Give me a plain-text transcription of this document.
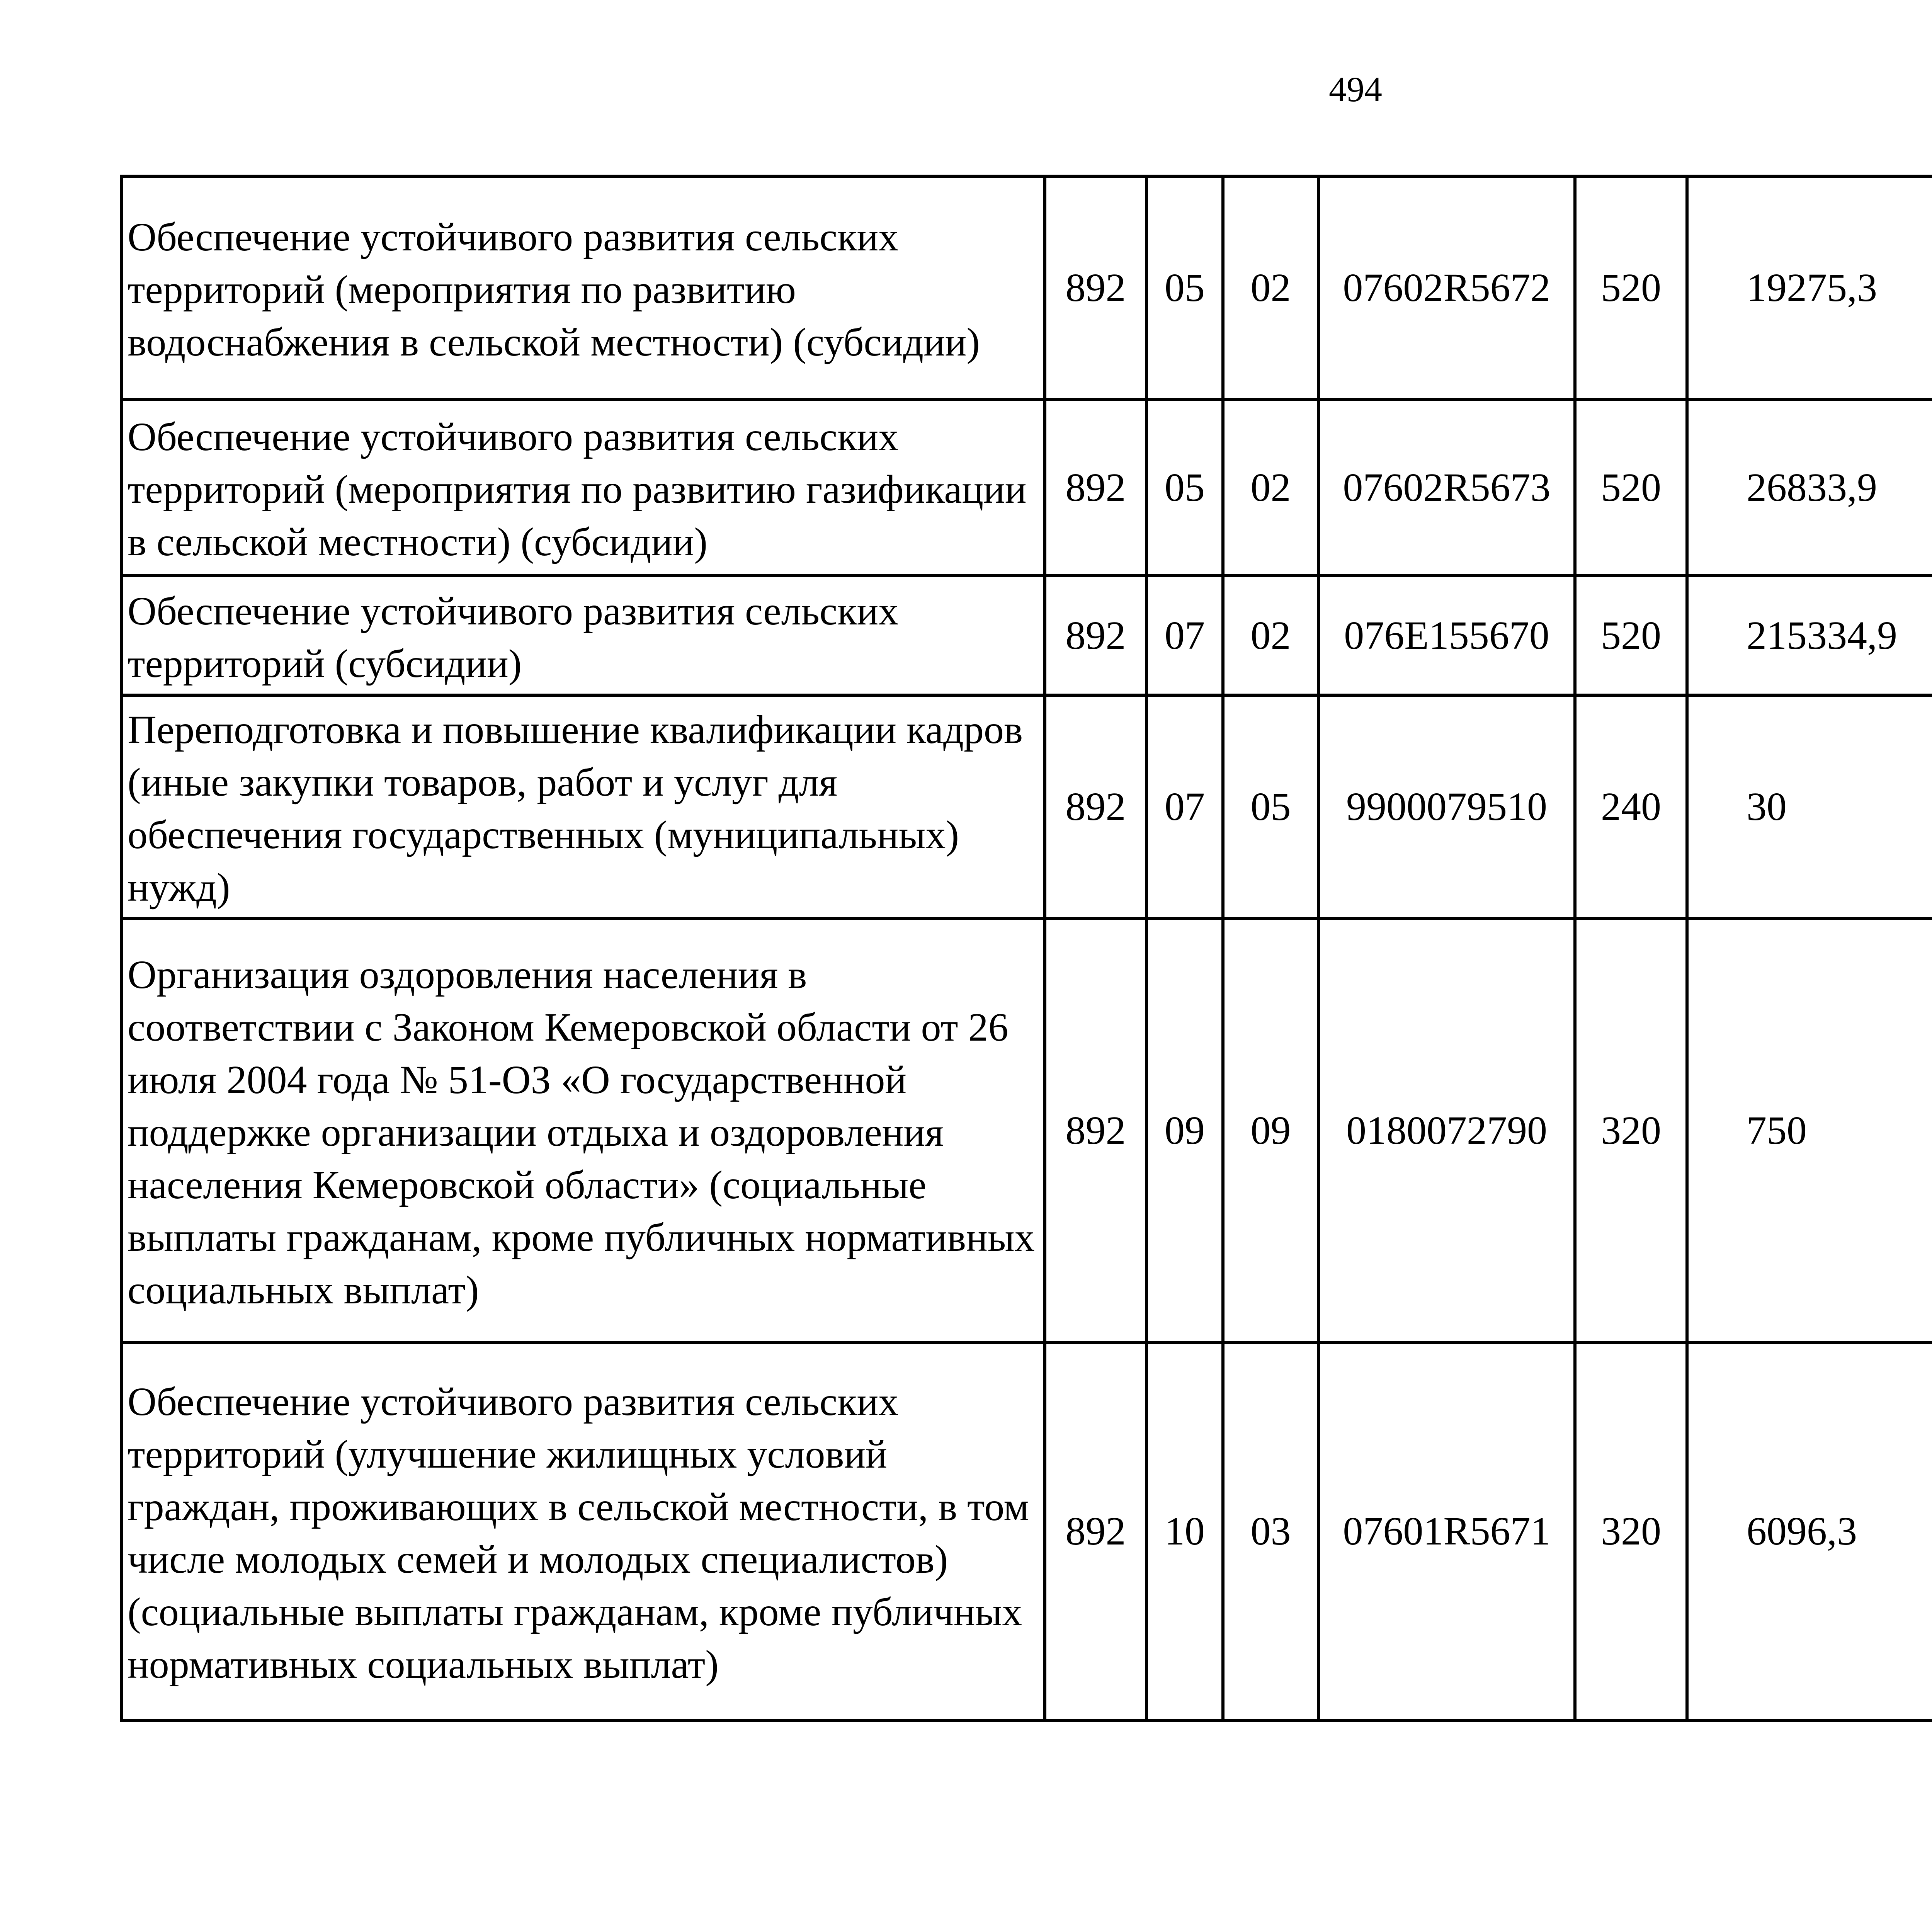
494
Обеспечение устойчивого развития сельских территорий (мероприятия по развитию водоснабжения в сельской местности) (субсидии)	892	05	02	07602R5672	520	19275,3		
Обеспечение устойчивого развития сельских территорий (мероприятия по развитию газификации в сельской местности) (субсидии)	892	05	02	07602R5673	520	26833,9		
Обеспечение устойчивого развития сельских территорий (субсидии)	892	07	02	076E155670	520	215334,9		
Переподготовка и повышение квалификации кадров (иные закупки товаров, работ и услуг для обеспечения государственных (муниципальных) нужд)	892	07	05	9900079510	240	30		
Организация оздоровления населения в соответствии с Законом Кемеровской области от 26 июля 2004 года № 51-ОЗ «О государственной поддержке организации отдыха и оздоровления населения Кемеровской области» (социальные выплаты гражданам, кроме публичных нормативных социальных выплат)	892	09	09	0180072790	320	750		
Обеспечение устойчивого развития сельских территорий (улучшение жилищных условий граждан, проживающих в сельской местности, в том числе молодых семей и молодых специалистов) (социальные выплаты гражданам, кроме публичных нормативных социальных выплат)	892	10	03	07601R5671	320	6096,3		
